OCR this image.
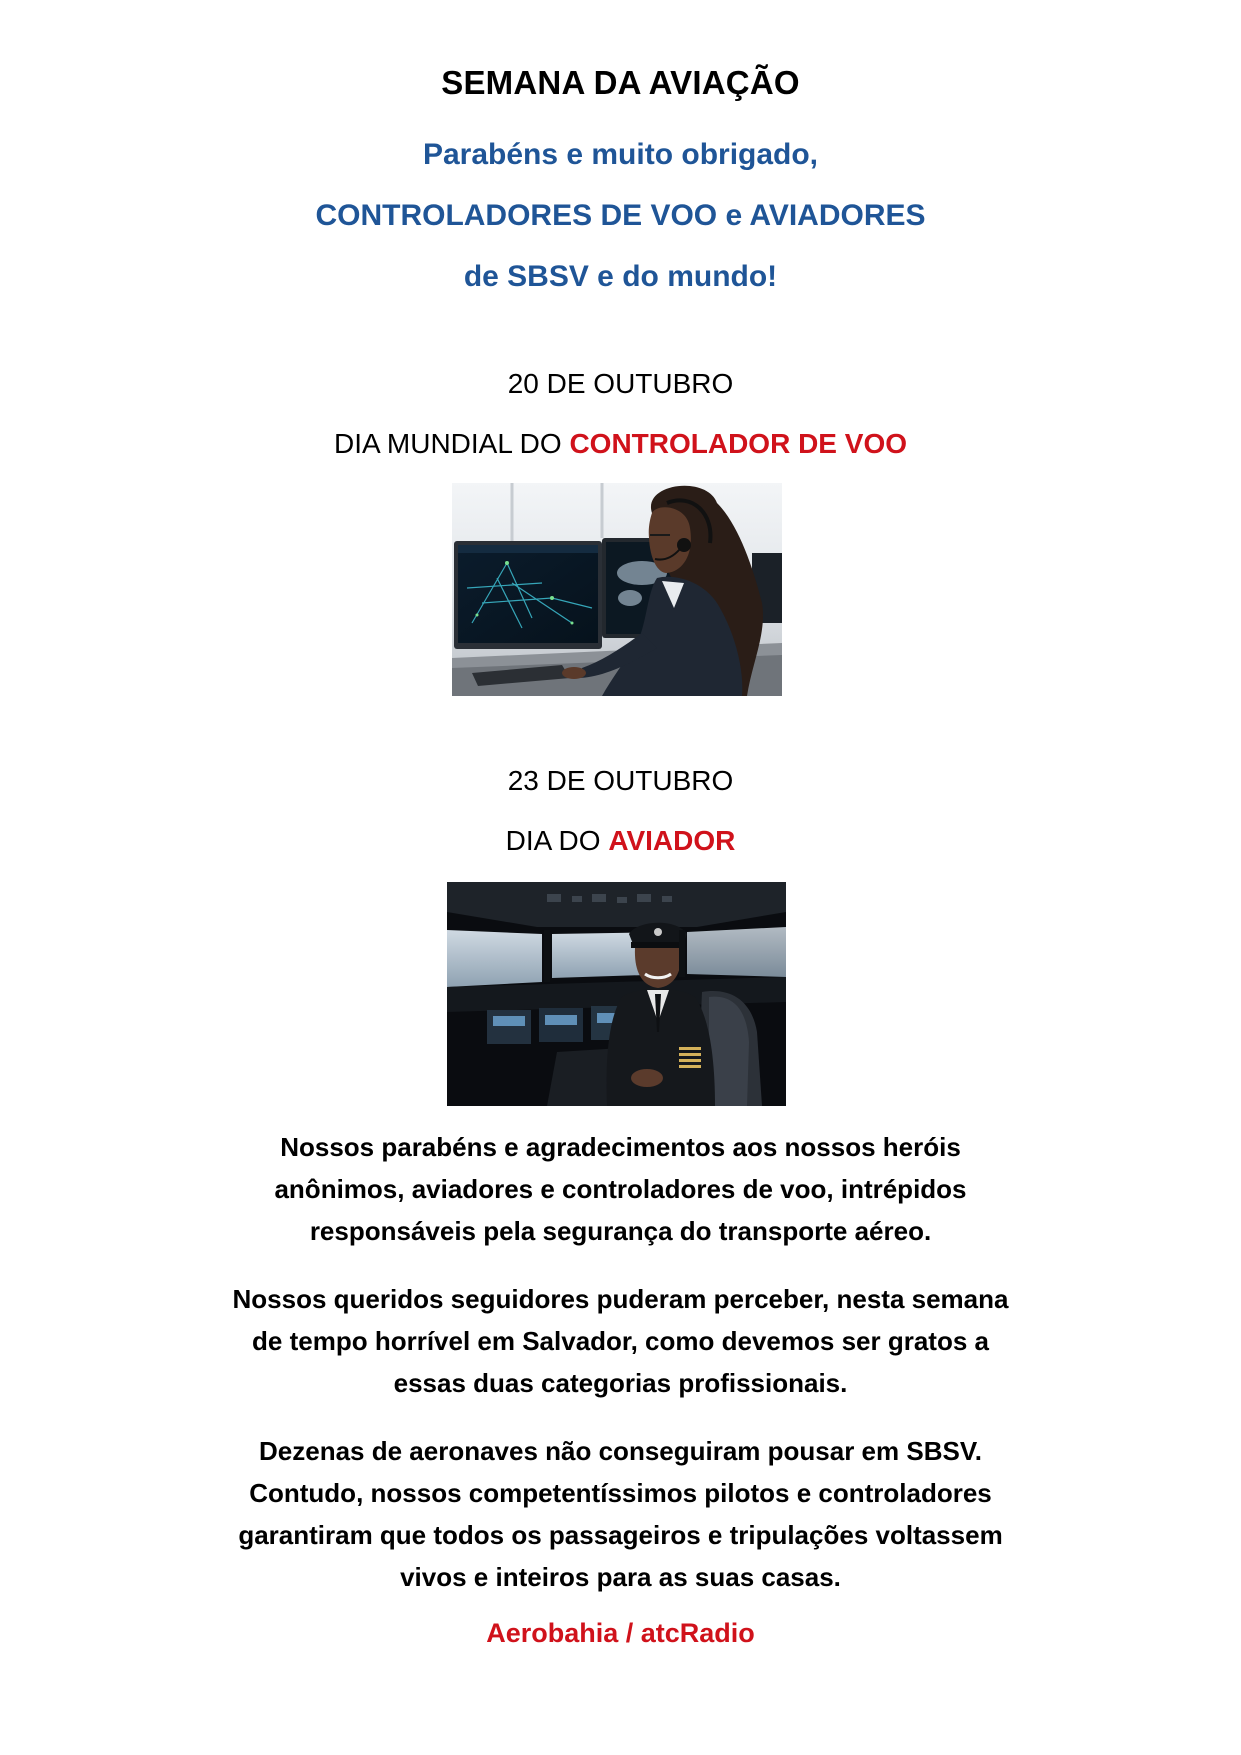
SEMANA DA AVIAÇÃO
Parabéns e muito obrigado,
CONTROLADORES DE VOO e AVIADORES
de SBSV e do mundo!
20 DE OUTUBRO
DIA MUNDIAL DO CONTROLADOR DE VOO
23 DE OUTUBRO
DIA DO AVIADOR
Nossos parabéns e agradecimentos aos nossos heróis
anônimos, aviadores e controladores de voo, intrépidos
responsáveis pela segurança do transporte aéreo.
Nossos queridos seguidores puderam perceber, nesta semana
de tempo horrível em Salvador, como devemos ser gratos a
essas duas categorias profissionais.
Dezenas de aeronaves não conseguiram pousar em SBSV.
Contudo, nossos competentíssimos pilotos e controladores
garantiram que todos os passageiros e tripulações voltassem
vivos e inteiros para as suas casas.
Aerobahia / atcRadio
